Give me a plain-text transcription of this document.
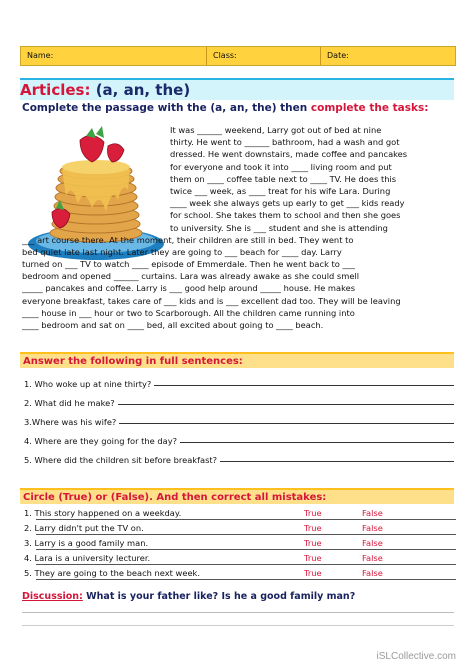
Name:	Class:	Date:
Articles: (a, an, the)
Complete the passage with the (a, an, the) then complete the tasks:
It was ______ weekend, Larry got out of bed at nine
thirty. He went to ______ bathroom, had a wash and got
dressed. He went downstairs, made coffee and pancakes
for everyone and took it into ____ living room and put
them on ____ coffee table next to ____ TV. He does this
twice ___ week, as ____ treat for his wife Lara. During
____ week she always gets up early to get ___ kids ready
for school. She takes them to school and then she goes
to university. She is ___ student and she is attending
___ art course there. At the moment, their children are still in bed. They went to
bed quiet late last night. Later they are going to ___ beach for ____ day. Larry
turned on ___ TV to watch ____ episode of Emmerdale. Then he went back to ___
bedroom and opened ______ curtains. Lara was already awake as she could smell
_____ pancakes and coffee. Larry is ___ good help around _____ house. He makes
everyone breakfast, takes care of ___ kids and is ___ excellent dad too. They will be leaving
____ house in ___ hour or two to Scarborough. All the children came running into
____ bedroom and sat on ____ bed, all excited about going to ____ beach.
Answer the following in full sentences:
1. Who woke up at nine thirty?
2. What did he make?
3.Where was his wife?
4. Where are they going for the day?
5. Where did the children sit before breakfast?
Circle (True) or (False). And then correct all mistakes:
1. This story happened on a weekday.	True	False
2. Larry didn't put the TV on.	True	False
3. Larry is a good family man.	True	False
4. Lara is a university lecturer.	True	False
5. They are going to the beach next week.	True	False
Discussion: What is your father like? Is he a good family man?
iSLCollective.com
